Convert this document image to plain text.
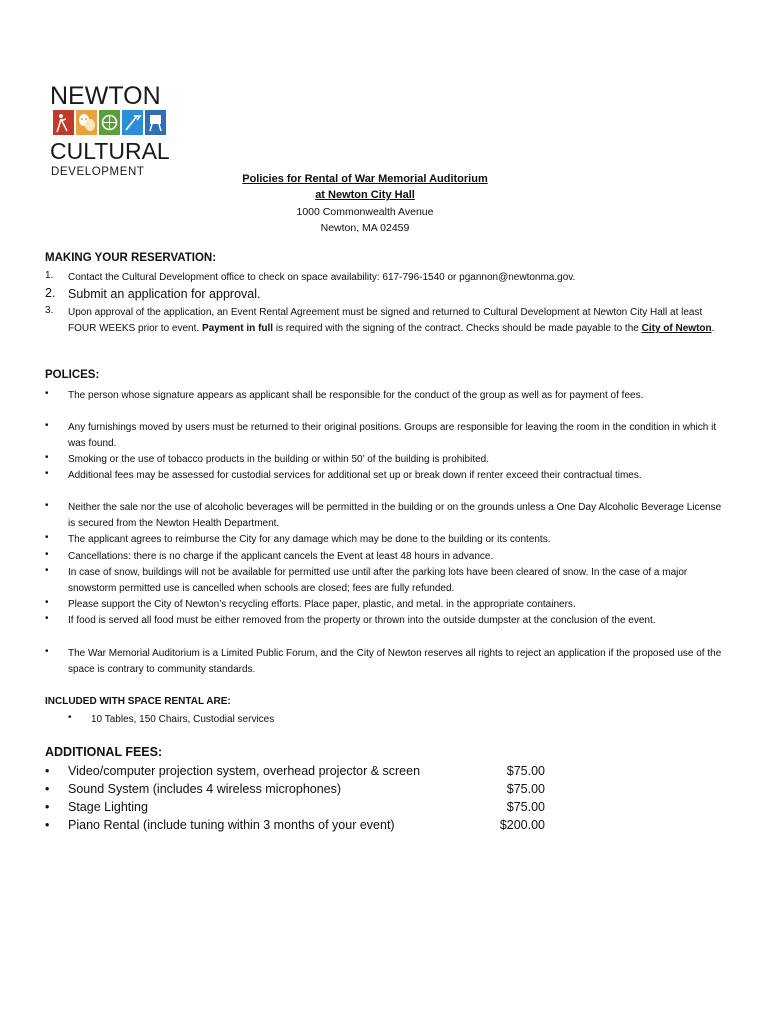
NEWTON
CULTURAL
DEVELOPMENT
Policies for Rental of War Memorial Auditorium
at Newton City Hall
1000 Commonwealth Avenue
Newton, MA 02459
MAKING YOUR RESERVATION:
1. Contact the Cultural Development office to check on space availability: 617-796-1540 or pgannon@newtonma.gov.
2. Submit an application for approval.
3. Upon approval of the application, an Event Rental Agreement must be signed and returned to Cultural Development at Newton City Hall at least FOUR WEEKS prior to event. Payment in full is required with the signing of the contract. Checks should be made payable to the City of Newton.
POLICES:
• The person whose signature appears as applicant shall be responsible for the conduct of the group as well as for payment of fees.
• Any furnishings moved by users must be returned to their original positions. Groups are responsible for leaving the room in the condition in which it was found.
• Smoking or the use of tobacco products in the building or within 50’ of the building is prohibited.
• Additional fees may be assessed for custodial services for additional set up or break down if renter exceed their contractual times.
• Neither the sale nor the use of alcoholic beverages will be permitted in the building or on the grounds unless a One Day Alcoholic Beverage License is secured from the Newton Health Department.
• The applicant agrees to reimburse the City for any damage which may be done to the building or its contents.
• Cancellations: there is no charge if the applicant cancels the Event at least 48 hours in advance.
• In case of snow, buildings will not be available for permitted use until after the parking lots have been cleared of snow. In the case of a major snowstorm permitted use is cancelled when schools are closed; fees are fully refunded.
• Please support the City of Newton’s recycling efforts. Place paper, plastic, and metal. in the appropriate containers.
• If food is served all food must be either removed from the property or thrown into the outside dumpster at the conclusion of the event.
• The War Memorial Auditorium is a Limited Public Forum, and the City of Newton reserves all rights to reject an application if the proposed use of the space is contrary to community standards.
INCLUDED WITH SPACE RENTAL ARE:
• 10 Tables, 150 Chairs, Custodial services
ADDITIONAL FEES:
• Video/computer projection system, overhead projector & screen	$75.00
• Sound System (includes 4 wireless microphones)	$75.00
• Stage Lighting	$75.00
• Piano Rental (include tuning within 3 months of your event)	$200.00
